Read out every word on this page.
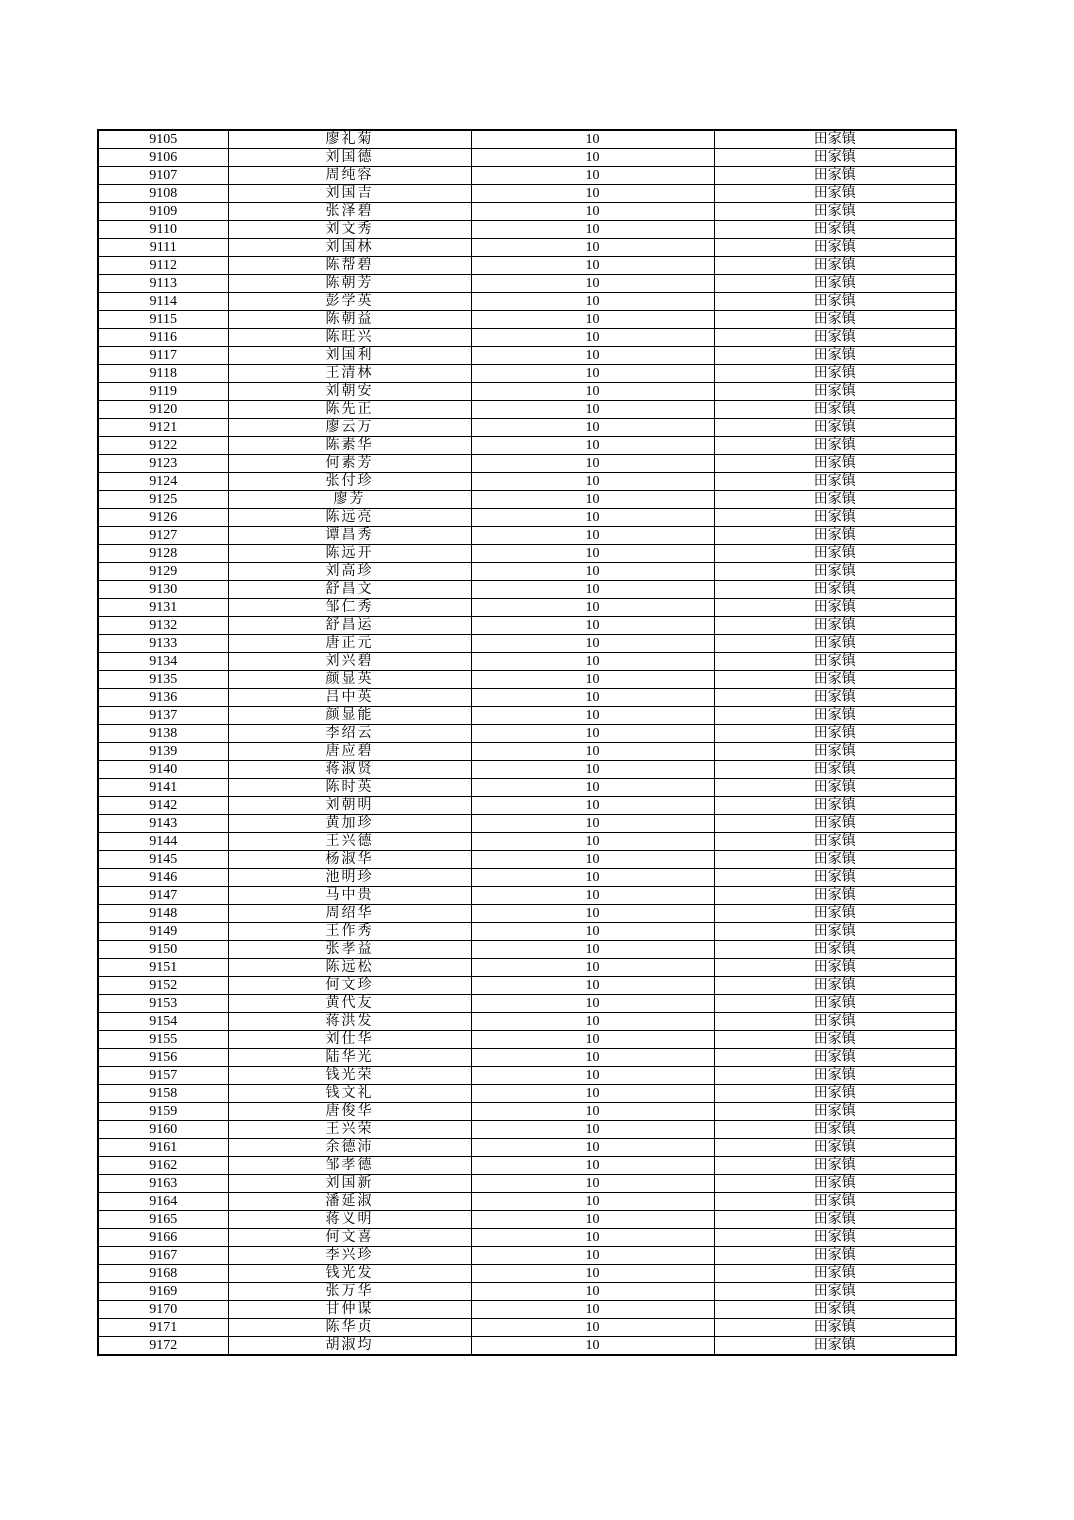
9105	廖礼菊	10	田家镇
9106	刘国德	10	田家镇
9107	周纯容	10	田家镇
9108	刘国吉	10	田家镇
9109	张泽碧	10	田家镇
9110	刘文秀	10	田家镇
9111	刘国林	10	田家镇
9112	陈帮碧	10	田家镇
9113	陈朝芳	10	田家镇
9114	彭学英	10	田家镇
9115	陈朝益	10	田家镇
9116	陈旺兴	10	田家镇
9117	刘国利	10	田家镇
9118	王清林	10	田家镇
9119	刘朝安	10	田家镇
9120	陈先正	10	田家镇
9121	廖云万	10	田家镇
9122	陈素华	10	田家镇
9123	何素芳	10	田家镇
9124	张付珍	10	田家镇
9125	廖芳	10	田家镇
9126	陈远亮	10	田家镇
9127	谭昌秀	10	田家镇
9128	陈远开	10	田家镇
9129	刘高珍	10	田家镇
9130	舒昌文	10	田家镇
9131	邹仁秀	10	田家镇
9132	舒昌运	10	田家镇
9133	唐正元	10	田家镇
9134	刘兴碧	10	田家镇
9135	颜显英	10	田家镇
9136	吕中英	10	田家镇
9137	颜显能	10	田家镇
9138	李绍云	10	田家镇
9139	唐应碧	10	田家镇
9140	蒋淑贤	10	田家镇
9141	陈时英	10	田家镇
9142	刘朝明	10	田家镇
9143	黄加珍	10	田家镇
9144	王兴德	10	田家镇
9145	杨淑华	10	田家镇
9146	池明珍	10	田家镇
9147	马中贵	10	田家镇
9148	周绍华	10	田家镇
9149	王作秀	10	田家镇
9150	张孝益	10	田家镇
9151	陈远松	10	田家镇
9152	何文珍	10	田家镇
9153	黄代友	10	田家镇
9154	蒋洪发	10	田家镇
9155	刘仕华	10	田家镇
9156	陆华光	10	田家镇
9157	钱光荣	10	田家镇
9158	钱文礼	10	田家镇
9159	唐俊华	10	田家镇
9160	王兴荣	10	田家镇
9161	余德沛	10	田家镇
9162	邹孝德	10	田家镇
9163	刘国新	10	田家镇
9164	潘延淑	10	田家镇
9165	蒋义明	10	田家镇
9166	何文喜	10	田家镇
9167	李兴珍	10	田家镇
9168	钱光发	10	田家镇
9169	张万华	10	田家镇
9170	甘仲谋	10	田家镇
9171	陈华贞	10	田家镇
9172	胡淑均	10	田家镇
